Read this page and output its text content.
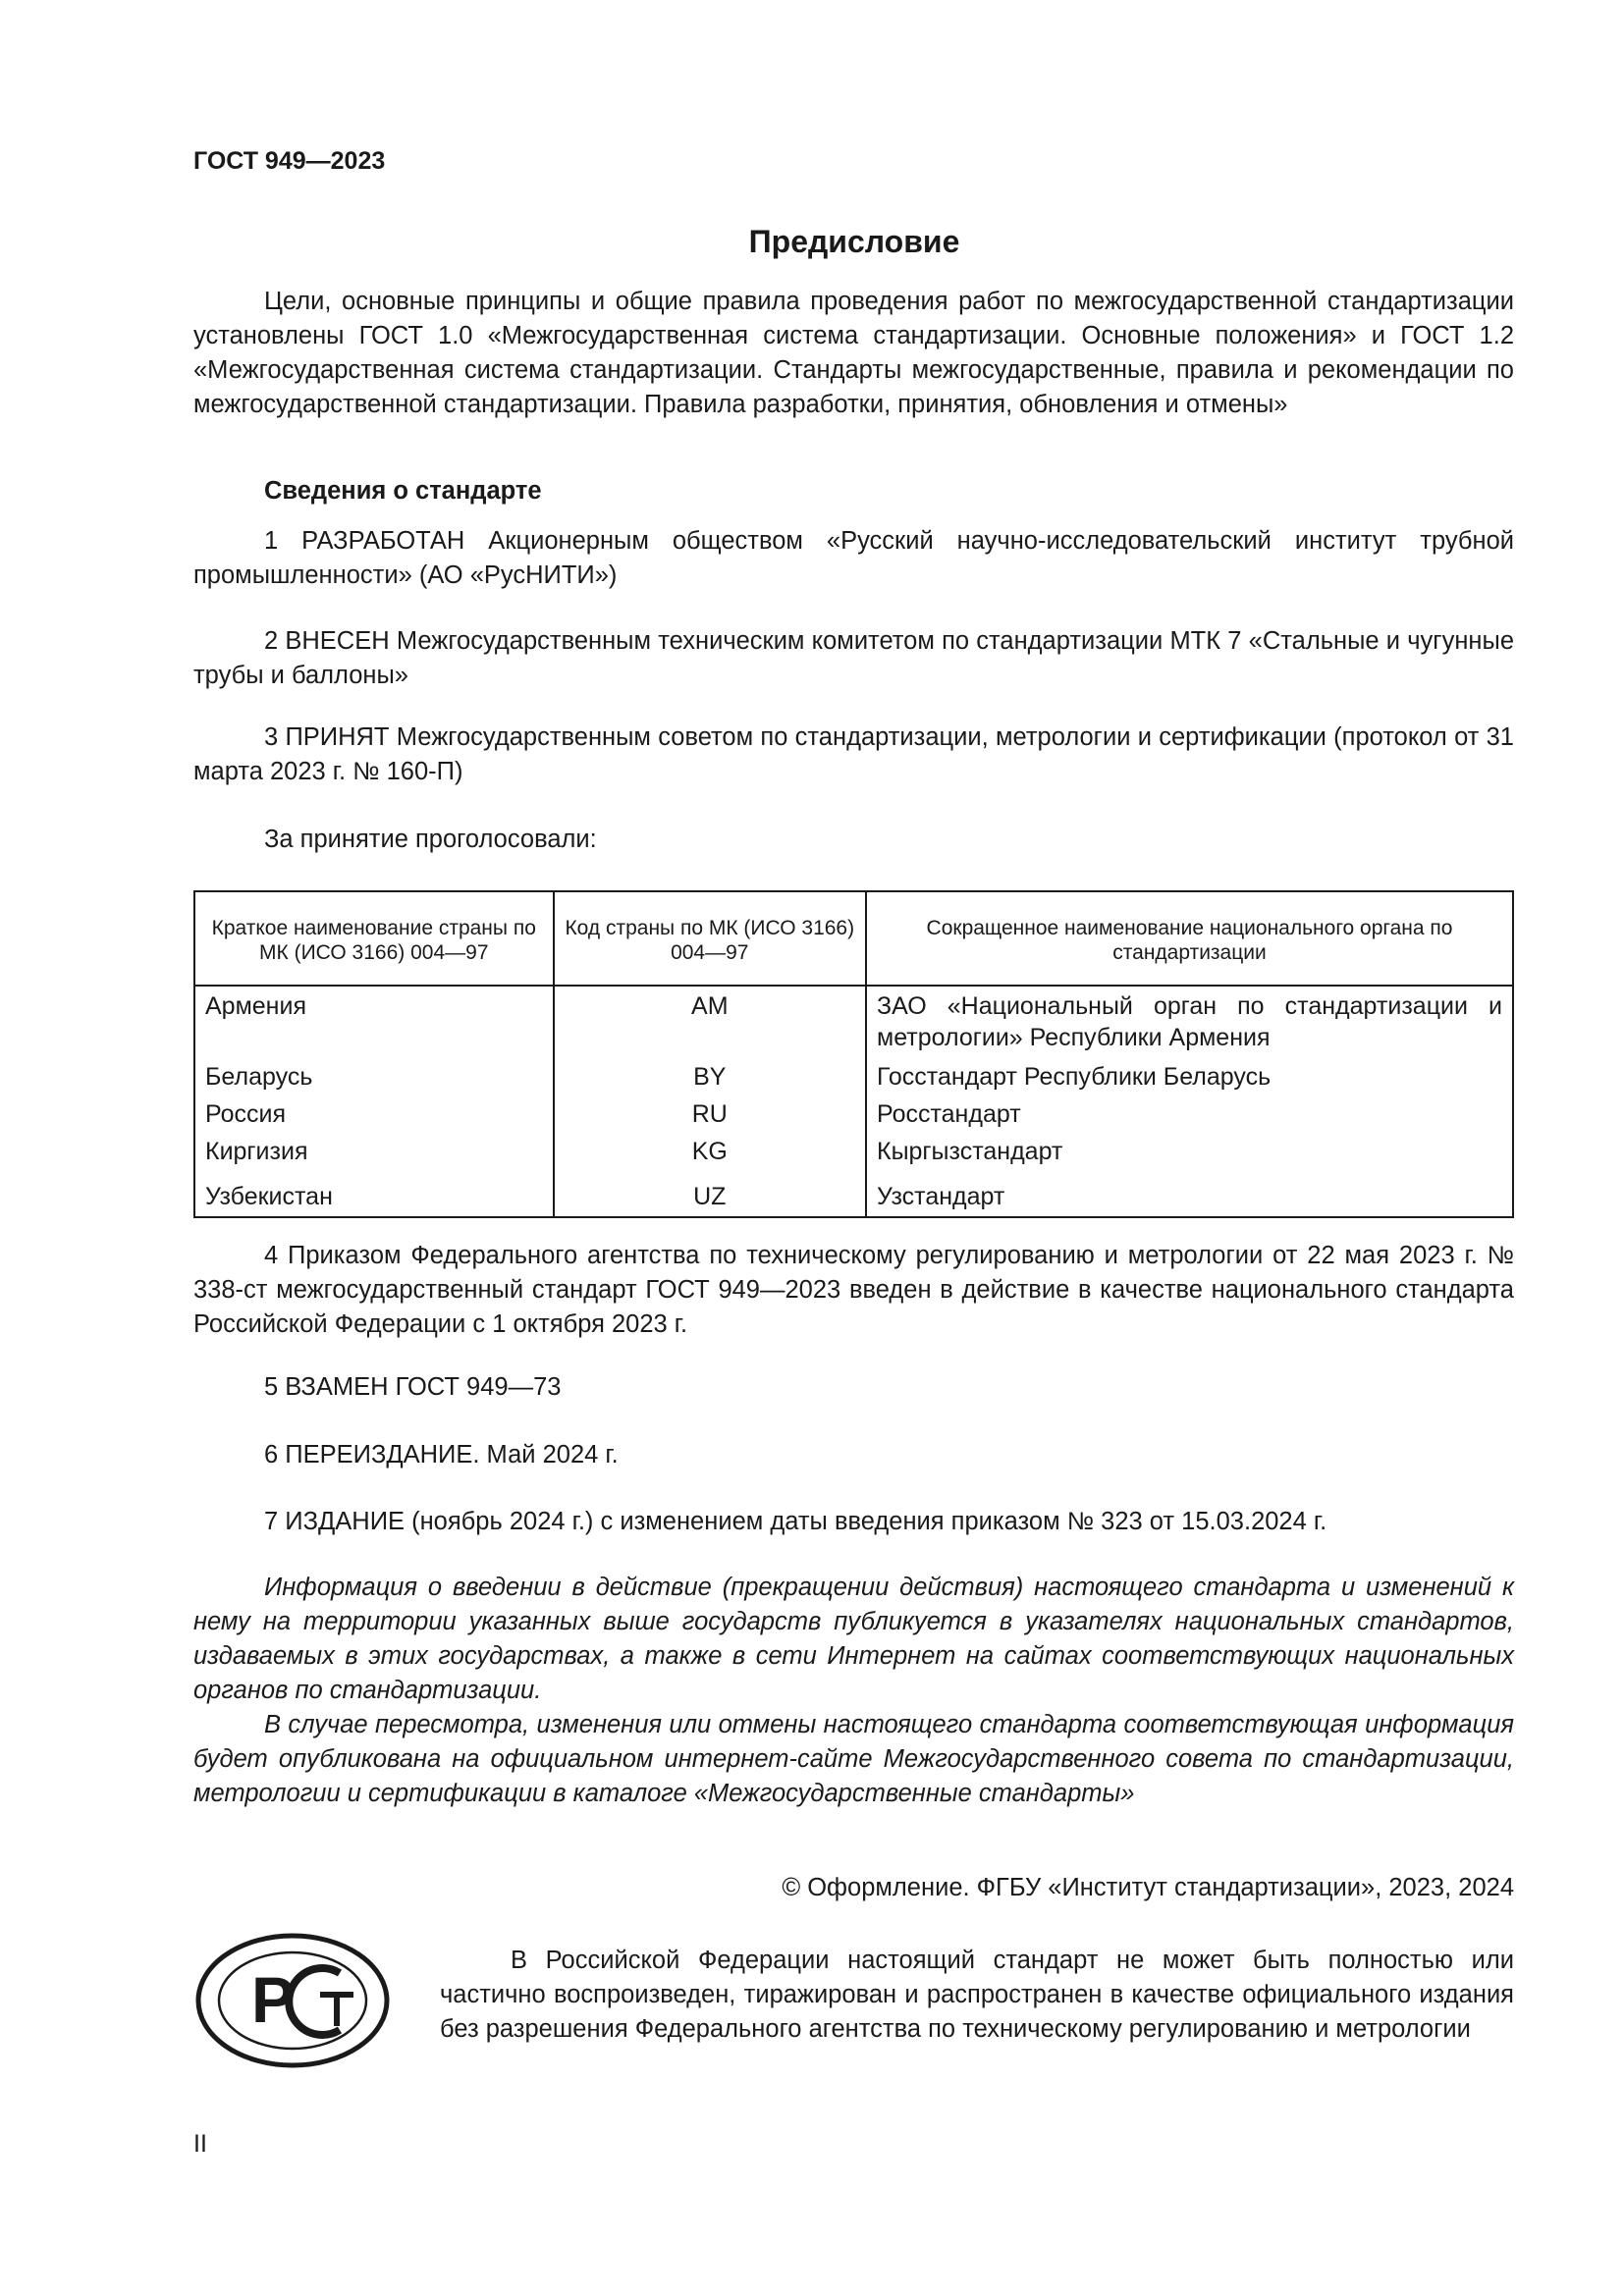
ГОСТ 949—2023
Предисловие

Цели, основные принципы и общие правила проведения работ по межгосударственной стандартизации установлены ГОСТ 1.0 «Межгосударственная система стандартизации. Основные положения» и ГОСТ 1.2 «Межгосударственная система стандартизации. Стандарты межгосударственные, правила и рекомендации по межгосударственной стандартизации. Правила разработки, принятия, обновления и отмены»

Сведения о стандарте

1 РАЗРАБОТАН Акционерным обществом «Русский научно-исследовательский институт трубной промышленности» (АО «РусНИТИ»)

2 ВНЕСЕН Межгосударственным техническим комитетом по стандартизации МТК 7 «Стальные и чугунные трубы и баллоны»

3 ПРИНЯТ Межгосударственным советом по стандартизации, метрологии и сертификации (протокол от 31 марта 2023 г. № 160-П)

За принятие проголосовали:

Краткое наименование страны по МК (ИСО 3166) 004—97	Код страны по МК (ИСО 3166) 004—97	Сокращенное наименование национального органа по стандартизации
Армения	AM	ЗАО «Национальный орган по стандартизации и метрологии» Республики Армения
Беларусь	BY	Госстандарт Республики Беларусь
Россия	RU	Росстандарт
Киргизия	KG	Кыргызстандарт
Узбекистан	UZ	Узстандарт

4 Приказом Федерального агентства по техническому регулированию и метрологии от 22 мая 2023 г. № 338-ст межгосударственный стандарт ГОСТ 949—2023 введен в действие в качестве национального стандарта Российской Федерации с 1 октября 2023 г.

5 ВЗАМЕН ГОСТ 949—73

6 ПЕРЕИЗДАНИЕ. Май 2024 г.

7 ИЗДАНИЕ (ноябрь 2024 г.) с изменением даты введения приказом № 323 от 15.03.2024 г.

Информация о введении в действие (прекращении действия) настоящего стандарта и изменений к нему на территории указанных выше государств публикуется в указателях национальных стандартов, издаваемых в этих государствах, а также в сети Интернет на сайтах соответствующих национальных органов по стандартизации.

В случае пересмотра, изменения или отмены настоящего стандарта соответствующая информация будет опубликована на официальном интернет-сайте Межгосударственного совета по стандартизации, метрологии и сертификации в каталоге «Межгосударственные стандарты»

© Оформление. ФГБУ «Институт стандартизации», 2023, 2024

Р

В Российской Федерации настоящий стандарт не может быть полностью или частично воспроизведен, тиражирован и распространен в качестве официального издания без разрешения Федерального агентства по техническому регулированию и метрологии

II
